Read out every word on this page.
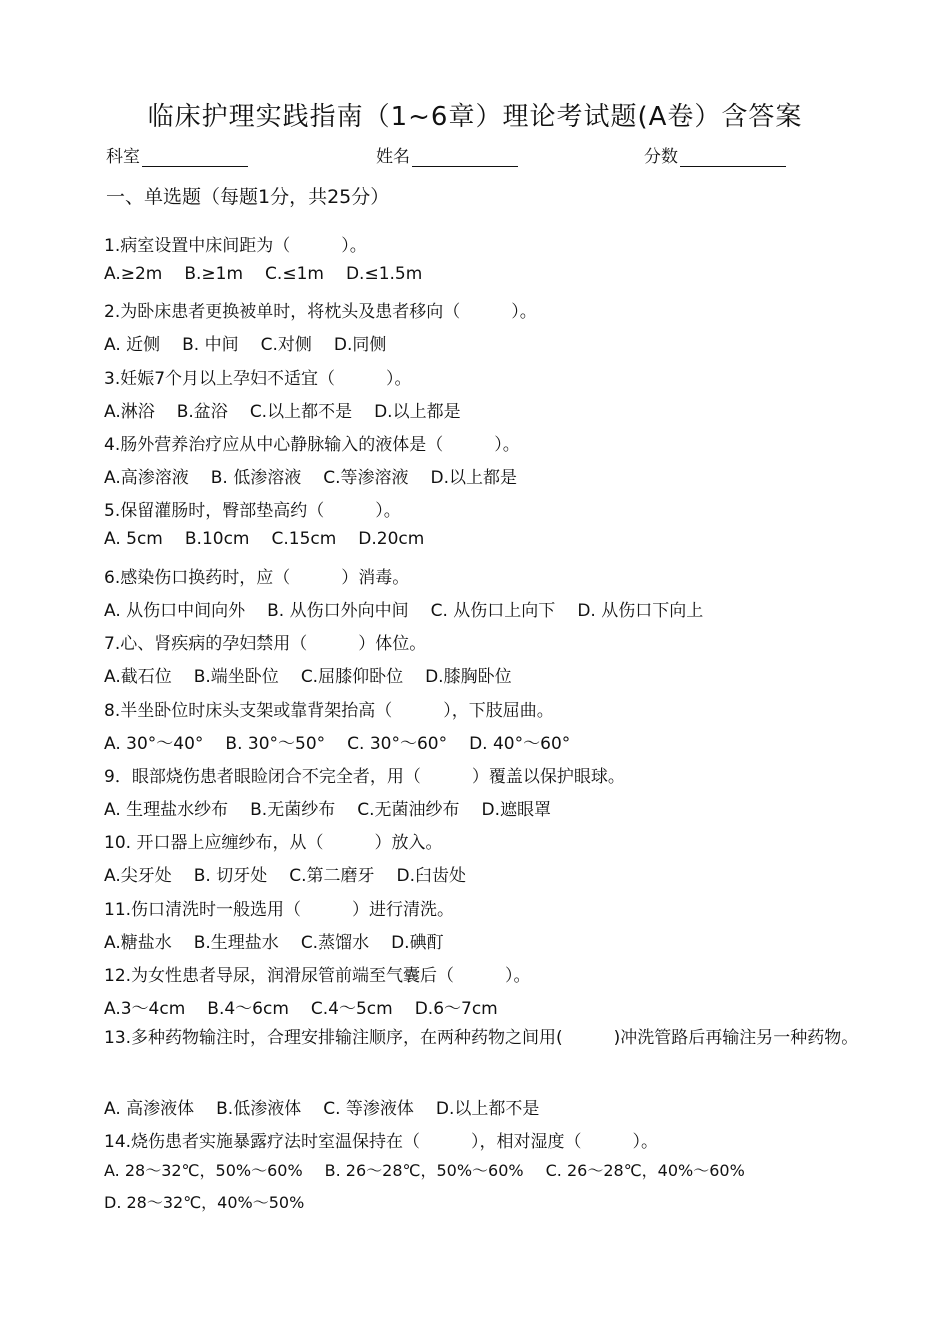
临床护理实践指南（1~6章）理论考试题(A卷）含答案
科室	姓名	分数
一、单选题（每题1分，共25分）
1.病室设置中床间距为（　　　）。
A.≥2m B.≥1m C.≤1m D.≤1.5m
2.为卧床患者更换被单时，将枕头及患者移向（　　　）。
A. 近侧 B. 中间 C.对侧 D.同侧
3.妊娠7个月以上孕妇不适宜（　　　）。
A.淋浴 B.盆浴 C.以上都不是 D.以上都是
4.肠外营养治疗应从中心静脉输入的液体是（　　　）。
A.高渗溶液 B. 低渗溶液 C.等渗溶液 D.以上都是
5.保留灌肠时，臀部垫高约（　　　）。
A. 5cm B.10cm C.15cm D.20cm
6.感染伤口换药时，应（　　　）消毒。
A. 从伤口中间向外 B. 从伤口外向中间 C. 从伤口上向下 D. 从伤口下向上
7.心、肾疾病的孕妇禁用（　　　）体位。
A.截石位 B.端坐卧位 C.屈膝仰卧位 D.膝胸卧位
8.半坐卧位时床头支架或靠背架抬高（　　　），下肢屈曲。
A. 30°～40° B. 30°～50° C. 30°～60° D. 40°～60°
9．眼部烧伤患者眼睑闭合不完全者，用（　　　）覆盖以保护眼球。
A. 生理盐水纱布 B.无菌纱布 C.无菌油纱布 D.遮眼罩
10. 开口器上应缠纱布，从（　　　）放入。
A.尖牙处 B. 切牙处 C.第二磨牙 D.臼齿处
11.伤口清洗时一般选用（　　　）进行清洗。
A.糖盐水 B.生理盐水 C.蒸馏水 D.碘酊
12.为女性患者导尿，润滑尿管前端至气囊后（　　　）。
A.3～4cm B.4～6cm C.4～5cm D.6～7cm
13.多种药物输注时，合理安排输注顺序，在两种药物之间用(　　　)冲洗管路后再输注另一种药物。
A. 高渗液体 B.低渗液体 C. 等渗液体 D.以上都不是
14.烧伤患者实施暴露疗法时室温保持在（　　　），相对湿度（　　　）。
A. 28～32℃，50%～60% B. 26～28℃，50%～60% C. 26～28℃，40%～60%D. 28～32℃，40%～50%
